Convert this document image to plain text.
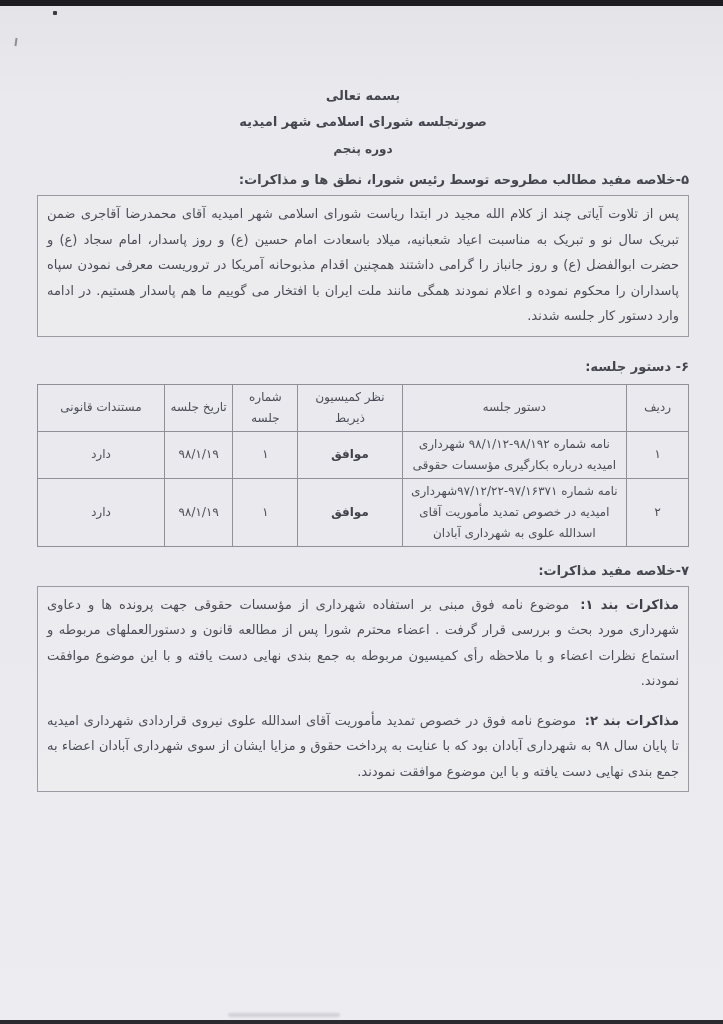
بسمه تعالی
صورتجلسه شورای اسلامی شهر امیدیه
دوره پنجم
۵-خلاصه مفید مطالب مطروحه توسط رئیس شورا، نطق ها و مذاکرات:

پس از تلاوت آیاتی چند از کلام الله مجید در ابتدا ریاست شورای اسلامی شهر امیدیه آقای محمدرضا آقاجری ضمن تبریک سال نو و تبریک به مناسبت اعیاد شعبانیه، میلاد باسعادت امام حسین (ع) و روز پاسدار، امام سجاد (ع) و حضرت ابوالفضل (ع) و روز جانباز را گرامی داشتند همچنین اقدام مذبوحانه آمریکا در تروریست معرفی نمودن سپاه پاسداران را محکوم نموده و اعلام نمودند همگی مانند ملت ایران با افتخار می گوییم ما هم پاسدار هستیم. در ادامه وارد دستور کار جلسه شدند.

۶- دستور جلسه:
ردیف	دستور جلسه	نظر کمیسیون ذیربط	شماره جلسه	تاریخ جلسه	مستندات قانونی
۱	نامه شماره ۹۸/۱۹۲-۹۸/۱/۱۲ شهرداری امیدیه درباره بکارگیری مؤسسات حقوقی	موافق	۱	۹۸/۱/۱۹	دارد
۲	نامه شماره ۹۷/۱۶۳۷۱-۹۷/۱۲/۲۲شهرداری امیدیه در خصوص تمدید مأموریت آقای اسدالله علوی به شهرداری آبادان	موافق	۱	۹۸/۱/۱۹	دارد
۷-خلاصه مفید مذاکرات:

مذاکرات بند ۱: موضوع نامه فوق مبنی بر استفاده شهرداری از مؤسسات حقوقی جهت پرونده ها و دعاوی شهرداری مورد بحث و بررسی قرار گرفت . اعضاء محترم شورا پس از مطالعه قانون و دستورالعملهای مربوطه و استماع نظرات اعضاء و با ملاحظه رأی کمیسیون مربوطه به جمع بندی نهایی دست یافته و با این موضوع موافقت نمودند.

مذاکرات بند ۲: موضوع نامه فوق در خصوص تمدید مأموریت آقای اسدالله علوی نیروی قراردادی شهرداری امیدیه تا پایان سال ۹۸ به شهرداری آبادان بود که با عنایت به پرداخت حقوق و مزایا ایشان از سوی شهرداری آبادان اعضاء به جمع بندی نهایی دست یافته و با این موضوع موافقت نمودند.
